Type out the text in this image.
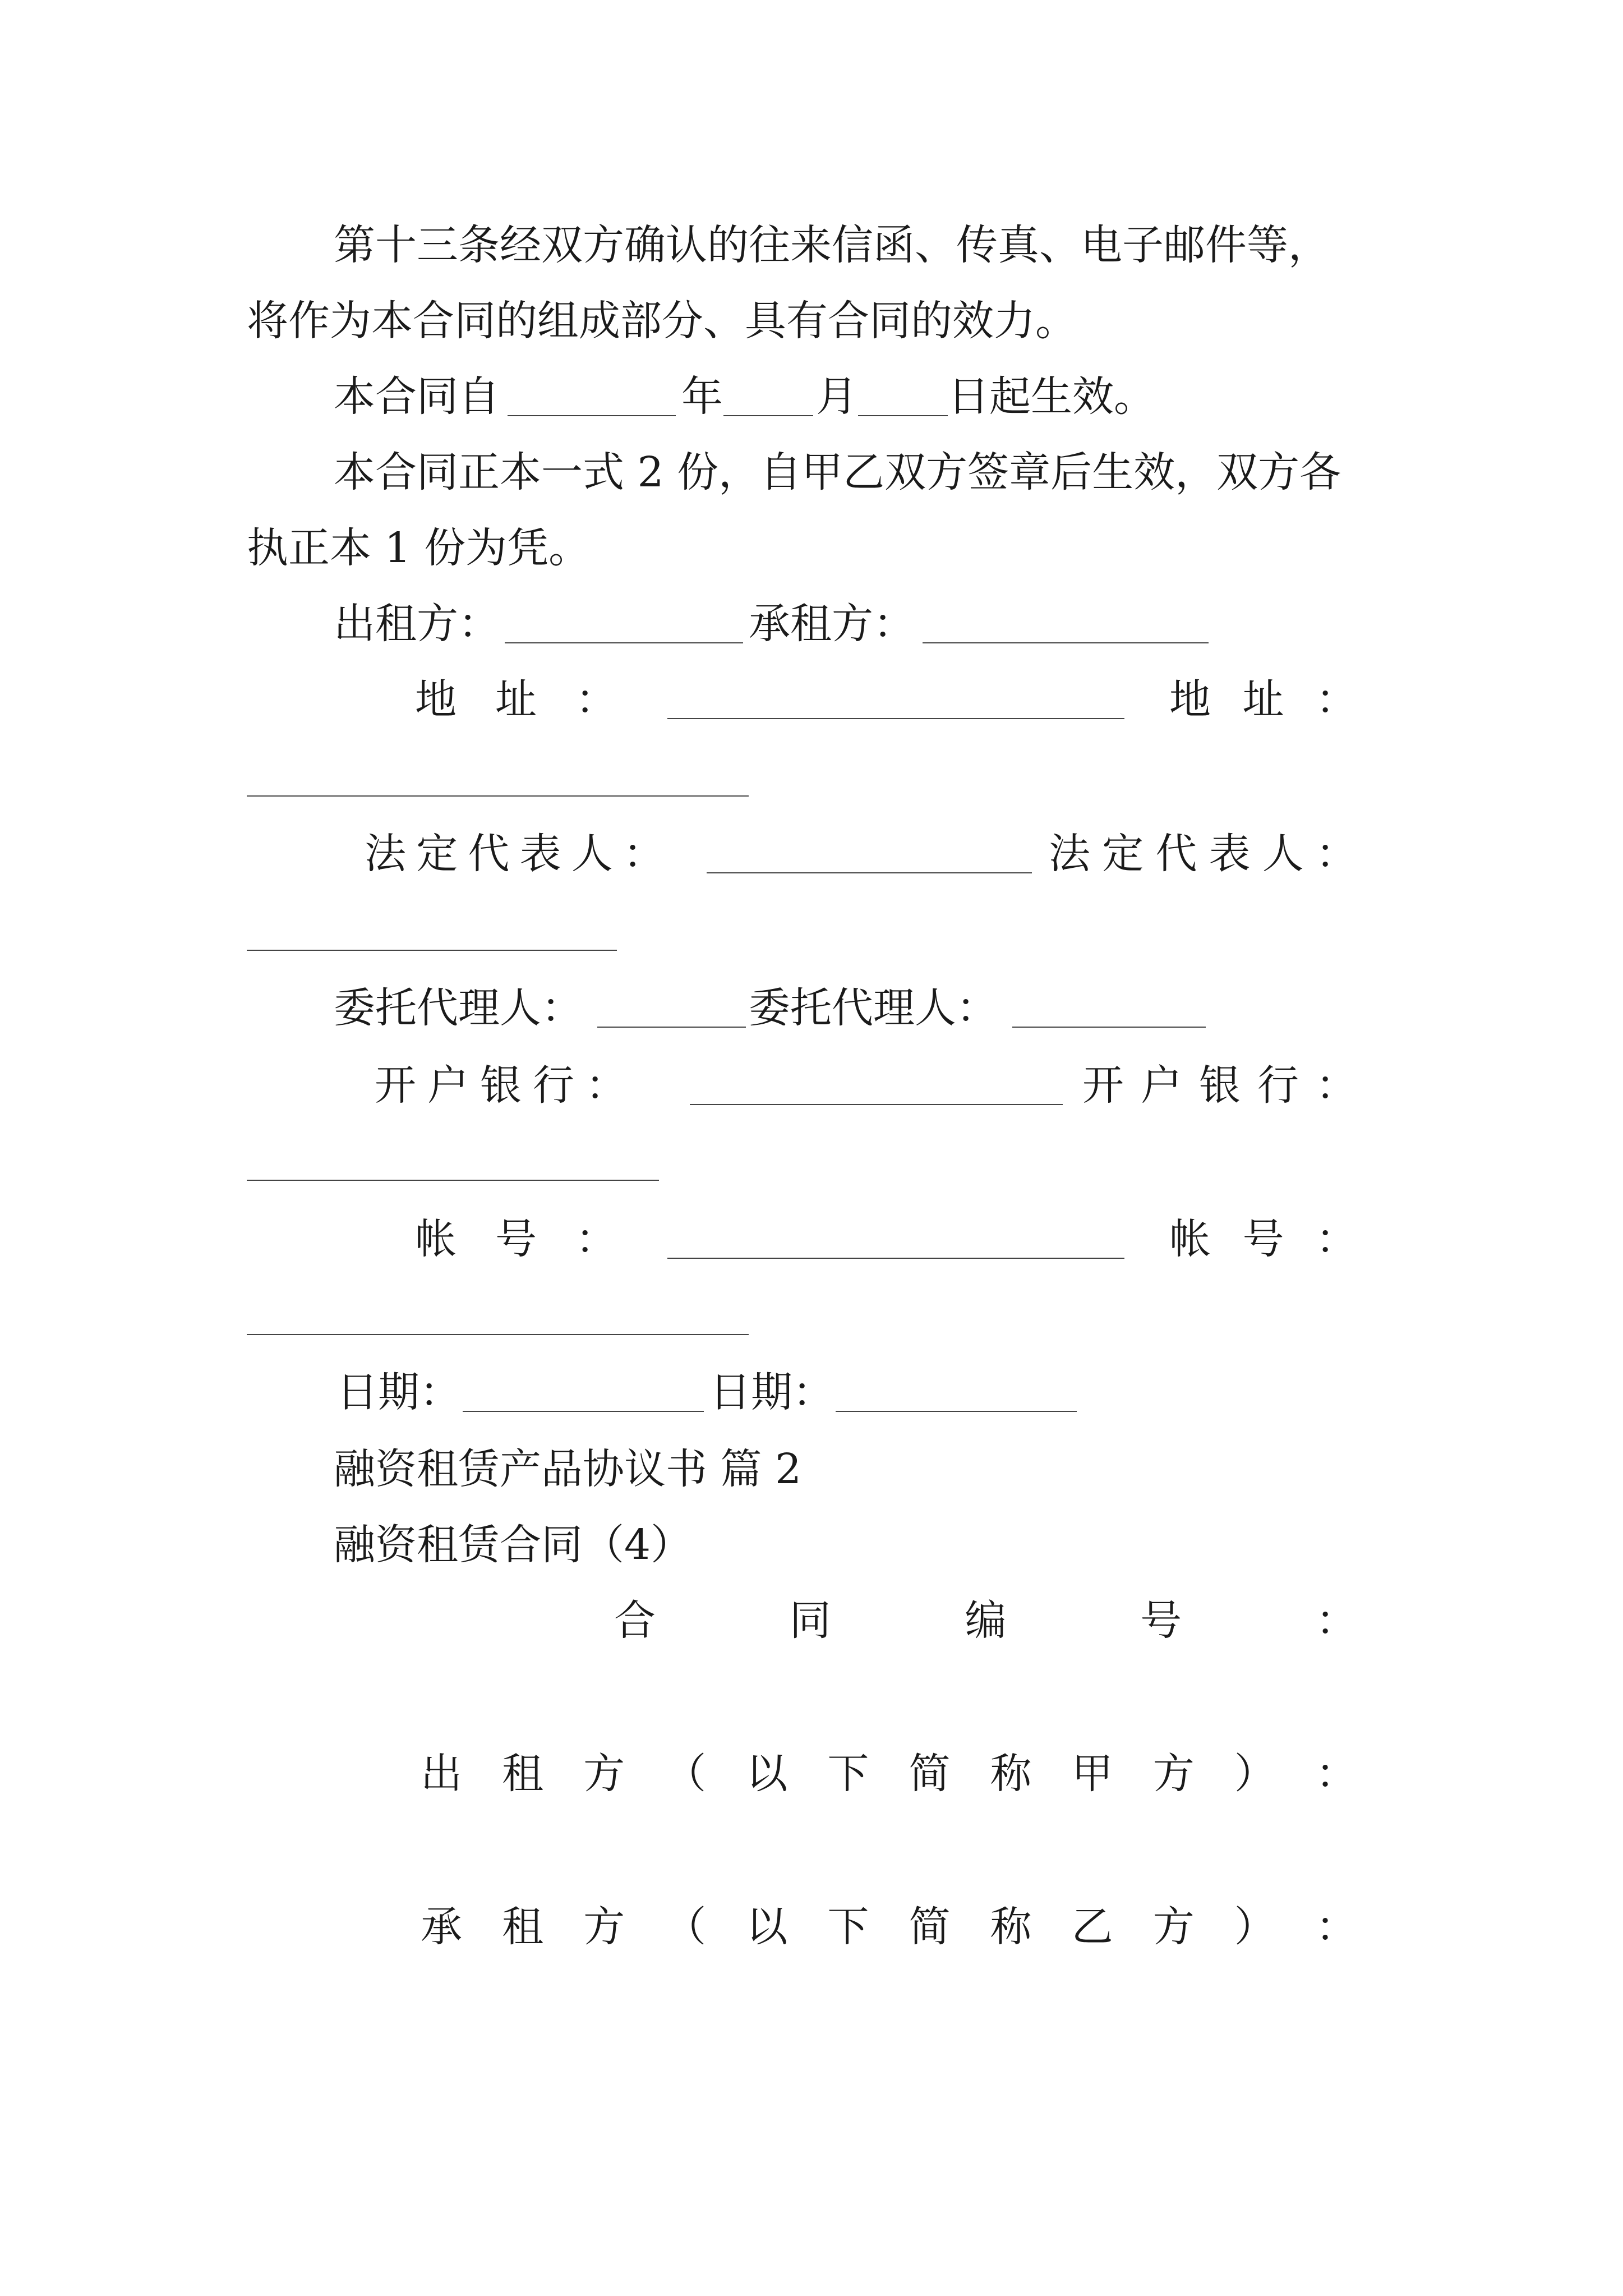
第十三条经双方确认的往来信函、传真、电子邮件等，
将作为本合同的组成部分、具有合同的效力。
本合同自	年 月 日起生效。
本合同正本一式 2 份，自甲乙双方签章后生效，双方各
执正本 1 份为凭。
出租方：	承租方：
地 址 ：	地 址 ：
法 定 代 表 人 ：	法 定 代 表 人 ：
委托代理人：	委托代理人：
开 户 银 行 ：	开 户 银 行 ：
帐 号 ：	帐 号 ：
日期：	日期：
融资租赁产品协议书 篇 2
融资租赁合同（4）
合	同	编	号	：
出 租 方 （ 以 下 简 称 甲 方 ） ：
承 租 方 （ 以 下 简 称 乙 方 ） ：
